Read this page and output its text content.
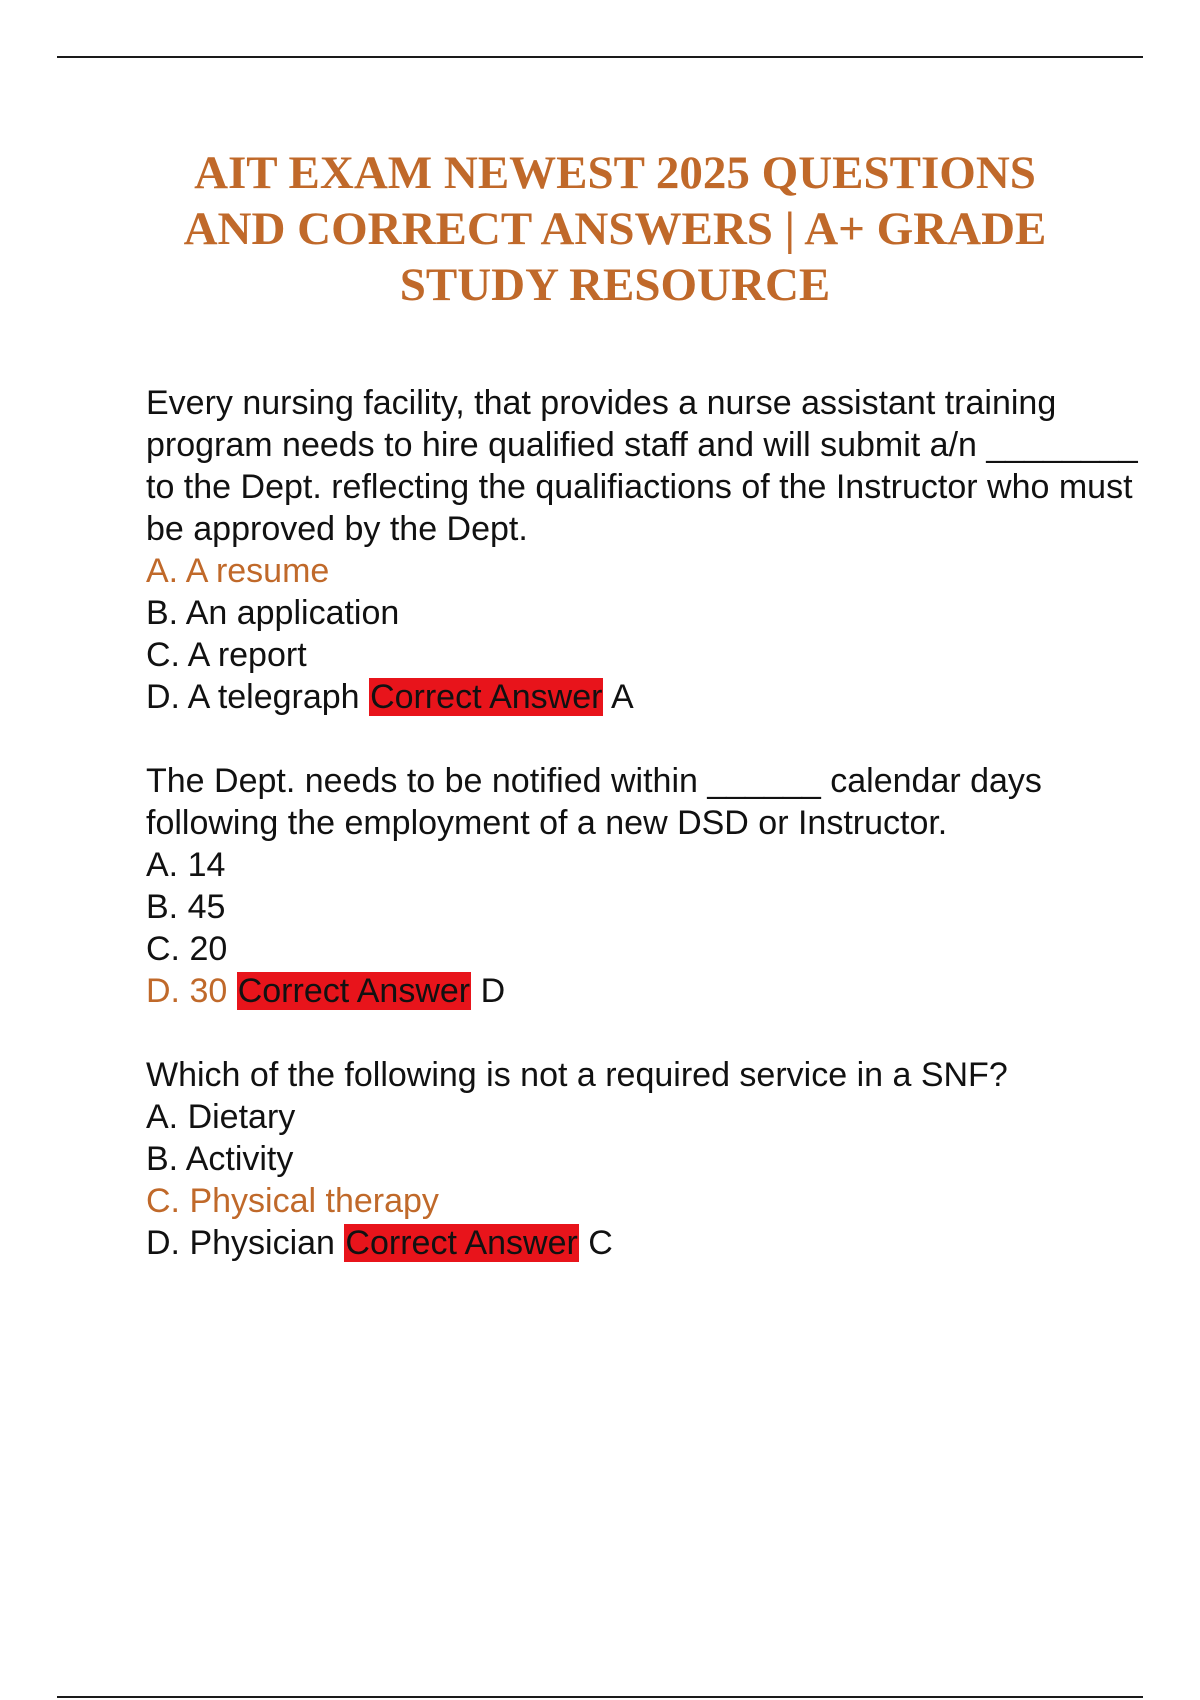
AIT EXAM NEWEST 2025 QUESTIONS
AND CORRECT ANSWERS | A+ GRADE
STUDY RESOURCE

Every nursing facility, that provides a nurse assistant training program needs to hire qualified staff and will submit a/n ________ to the Dept. reflecting the qualifiactions of the Instructor who must be approved by the Dept.

A. A resume

B. An application

C. A report

D. A telegraph Correct Answer A

The Dept. needs to be notified within ______ calendar days following the employment of a new DSD or Instructor.

A. 14

B. 45

C. 20

D. 30 Correct Answer D

Which of the following is not a required service in a SNF?

A. Dietary

B. Activity

C. Physical therapy

D. Physician Correct Answer C
